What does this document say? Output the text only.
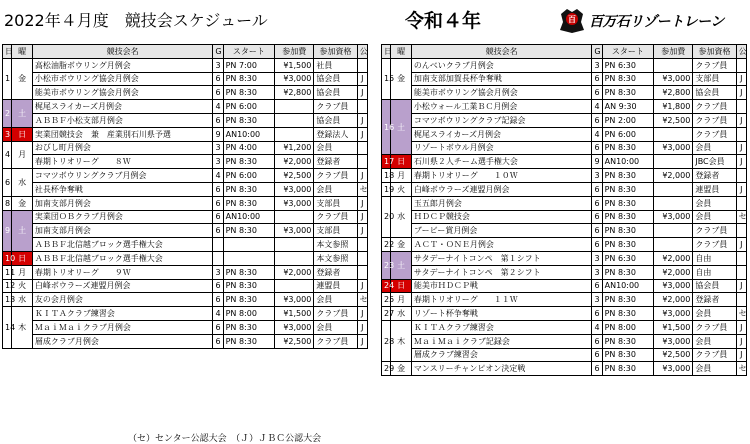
2022年４月度　競技会スケジュール	令和４年	百 百万石リゾートレーン
日	曜	競技会名	G	スタート	参加費	参加資格	公
1	金	高松油脂ボウリング月例会	3	PN 7:00	¥1,500	社員	
		小松市ボウリング協会月例会	6	PN 8:30	¥3,000	協会員	J
		能美市ボウリング協会月例会	6	PN 8:30	¥2,800	協会員	J
2	土	梶尾スライカーズ月例会	4	PN 6:00		クラブ員	
		ＡＢＢＦ小松支部月例会	6	PN 8:30		協会員	J
3	日	実業団競技会　兼　産業別石川県予選	9	AN10:00		登録法人	J
4	月	おびし町月例会	3	PN 4:00	¥1,200	会員	
		春期トリオリーグ　　８Ｗ	3	PN 8:30	¥2,000	登録者	
6	水	コマツボウリングクラブ月例会	4	PN 6:00	¥2,500	クラブ員	J
		社長杯争奪戦	6	PN 8:30	¥3,000	会員	セ
8	金	加南支部月例会	6	PN 8:30	¥3,000	支部員	J
9	土	実業団ＯＢクラブ月例会	6	AN10:00		クラブ員	J
		加南支部月例会	6	PN 8:30	¥3,000	支部員	J
		ＡＢＢＦ北信越ブロック選手権大会				本文参照	
10	日	ＡＢＢＦ北信越ブロック選手権大会				本文参照	
11	月	春期トリオリーグ　　９Ｗ	3	PN 8:30	¥2,000	登録者	
12	火	白峰ボウラーズ連盟月例会	6	PN 8:30		連盟員	J
13	水	友の会月例会	6	PN 8:30	¥3,000	会員	セ
14	木	ＫＩＴＡクラブ練習会	4	PN 8:00	¥1,500	クラブ員	J
		ＭａｉＭａｉクラブ月例会	6	PN 8:30	¥3,000	会員	J
		層成クラブ月例会	6	PN 8:30	¥2,500	クラブ員	J
日	曜	競技会名	G	スタート	参加費	参加資格	公
15	金	のんべいクラブ月例会	3	PN 6:30		クラブ員	
		加南支部加賀長杯争奪戦	6	PN 8:30	¥3,000	支部員	J
		能美市ボウリング協会月例会	6	PN 8:30	¥2,800	協会員	J
16	土	小松ウォール工業ＢＣ月例会	4	AN 9:30	¥1,800	クラブ員	
		コマツボウリングクラブ記録会	6	PN 2:00	¥2,500	クラブ員	J
		梶尾スライカーズ月例会	4	PN 6:00		クラブ員	
		リゾートボウル月例会	6	PN 8:30	¥3,000	会員	J
17	日	石川県２人チーム選手権大会	9	AN10:00		JBC会員	J
18	月	春期トリオリーグ　　１０Ｗ	3	PN 8:30	¥2,000	登録者	
19	火	白峰ボウラーズ連盟月例会	6	PN 8:30		連盟員	J
20	水	玉五郎月例会	6	PN 8:30		会員	
		ＨＤＣＰ競技会	6	PN 8:30	¥3,000	会員	セ
		ブービー賞月例会	6	PN 8:30		クラブ員	
22	金	ＡＣＴ・ＯＮＥ月例会	6	PN 8:30		クラブ員	J
23	土	サタデーナイトコンペ　第１シフト	3	PN 6:30	¥2,000	自由	
		サタデーナイトコンペ　第２シフト	3	PN 8:30	¥2,000	自由	
24	日	能美市ＨＤＣＰ戦	6	AN10:00	¥3,000	協会員	J
25	月	春期トリオリーグ　　１１Ｗ	3	PN 8:30	¥2,000	登録者	
27	水	リゾート杯争奪戦	6	PN 8:30	¥3,000	会員	セ
28	木	ＫＩＴＡクラブ練習会	4	PN 8:00	¥1,500	クラブ員	J
		ＭａｉＭａｉクラブ記録会	6	PN 8:30	¥3,000	会員	J
		層成クラブ練習会	6	PN 8:30	¥2,500	クラブ員	J
29	金	マンスリーチャンピオン決定戦	6	PN 8:30	¥3,000	会員	セ
（セ）センター公認大会　（Ｊ）ＪＢＣ公認大会
